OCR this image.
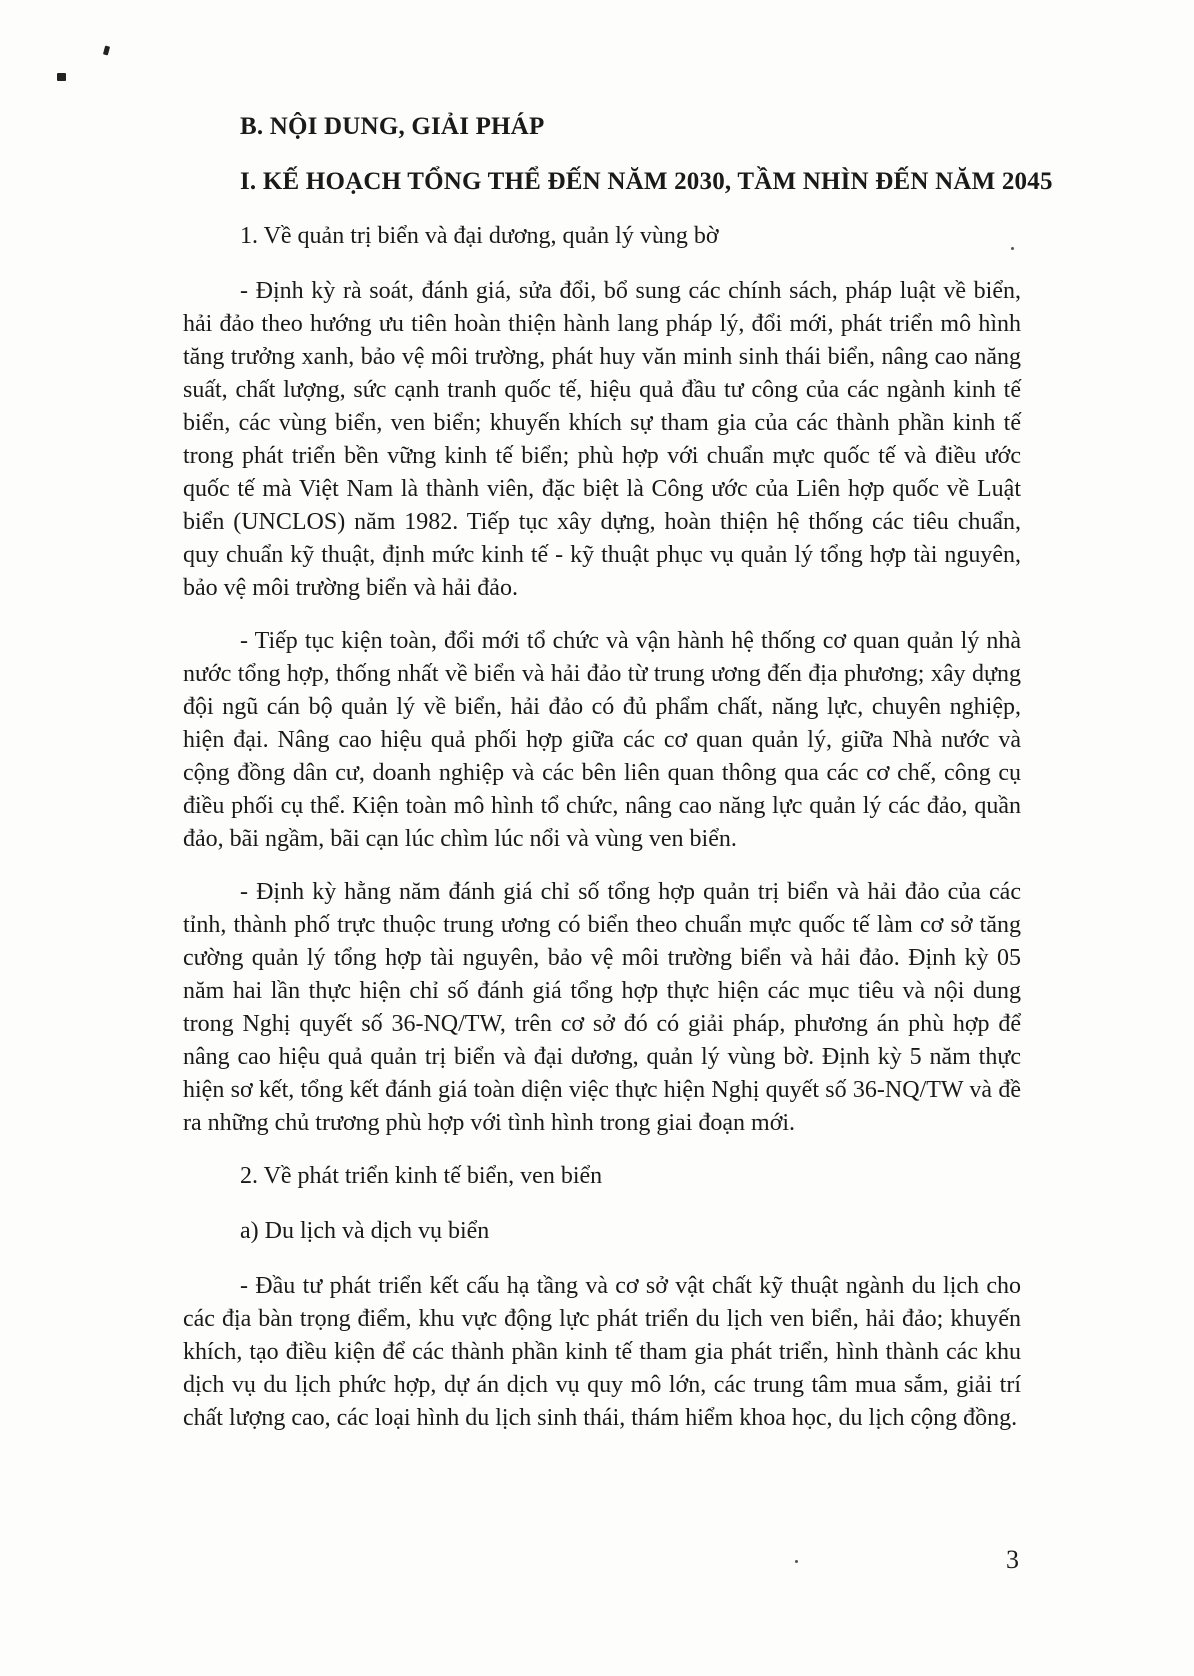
B. NỘI DUNG, GIẢI PHÁP

I. KẾ HOẠCH TỔNG THỂ ĐẾN NĂM 2030, TẦM NHÌN ĐẾN NĂM 2045

1. Về quản trị biển và đại dương, quản lý vùng bờ

- Định kỳ rà soát, đánh giá, sửa đổi, bổ sung các chính sách, pháp luật về biển, hải đảo theo hướng ưu tiên hoàn thiện hành lang pháp lý, đổi mới, phát triển mô hình tăng trưởng xanh, bảo vệ môi trường, phát huy văn minh sinh thái biển, nâng cao năng suất, chất lượng, sức cạnh tranh quốc tế, hiệu quả đầu tư công của các ngành kinh tế biển, các vùng biển, ven biển; khuyến khích sự tham gia của các thành phần kinh tế trong phát triển bền vững kinh tế biển; phù hợp với chuẩn mực quốc tế và điều ước quốc tế mà Việt Nam là thành viên, đặc biệt là Công ước của Liên hợp quốc về Luật biển (UNCLOS) năm 1982. Tiếp tục xây dựng, hoàn thiện hệ thống các tiêu chuẩn, quy chuẩn kỹ thuật, định mức kinh tế - kỹ thuật phục vụ quản lý tổng hợp tài nguyên, bảo vệ môi trường biển và hải đảo.

- Tiếp tục kiện toàn, đổi mới tổ chức và vận hành hệ thống cơ quan quản lý nhà nước tổng hợp, thống nhất về biển và hải đảo từ trung ương đến địa phương; xây dựng đội ngũ cán bộ quản lý về biển, hải đảo có đủ phẩm chất, năng lực, chuyên nghiệp, hiện đại. Nâng cao hiệu quả phối hợp giữa các cơ quan quản lý, giữa Nhà nước và cộng đồng dân cư, doanh nghiệp và các bên liên quan thông qua các cơ chế, công cụ điều phối cụ thể. Kiện toàn mô hình tổ chức, nâng cao năng lực quản lý các đảo, quần đảo, bãi ngầm, bãi cạn lúc chìm lúc nổi và vùng ven biển.

- Định kỳ hằng năm đánh giá chỉ số tổng hợp quản trị biển và hải đảo của các tỉnh, thành phố trực thuộc trung ương có biển theo chuẩn mực quốc tế làm cơ sở tăng cường quản lý tổng hợp tài nguyên, bảo vệ môi trường biển và hải đảo. Định kỳ 05 năm hai lần thực hiện chỉ số đánh giá tổng hợp thực hiện các mục tiêu và nội dung trong Nghị quyết số 36-NQ/TW, trên cơ sở đó có giải pháp, phương án phù hợp để nâng cao hiệu quả quản trị biển và đại dương, quản lý vùng bờ. Định kỳ 5 năm thực hiện sơ kết, tổng kết đánh giá toàn diện việc thực hiện Nghị quyết số 36-NQ/TW và đề ra những chủ trương phù hợp với tình hình trong giai đoạn mới.

2. Về phát triển kinh tế biển, ven biển

a) Du lịch và dịch vụ biển

- Đầu tư phát triển kết cấu hạ tầng và cơ sở vật chất kỹ thuật ngành du lịch cho các địa bàn trọng điểm, khu vực động lực phát triển du lịch ven biển, hải đảo; khuyến khích, tạo điều kiện để các thành phần kinh tế tham gia phát triển, hình thành các khu dịch vụ du lịch phức hợp, dự án dịch vụ quy mô lớn, các trung tâm mua sắm, giải trí chất lượng cao, các loại hình du lịch sinh thái, thám hiểm khoa học, du lịch cộng đồng.

3
